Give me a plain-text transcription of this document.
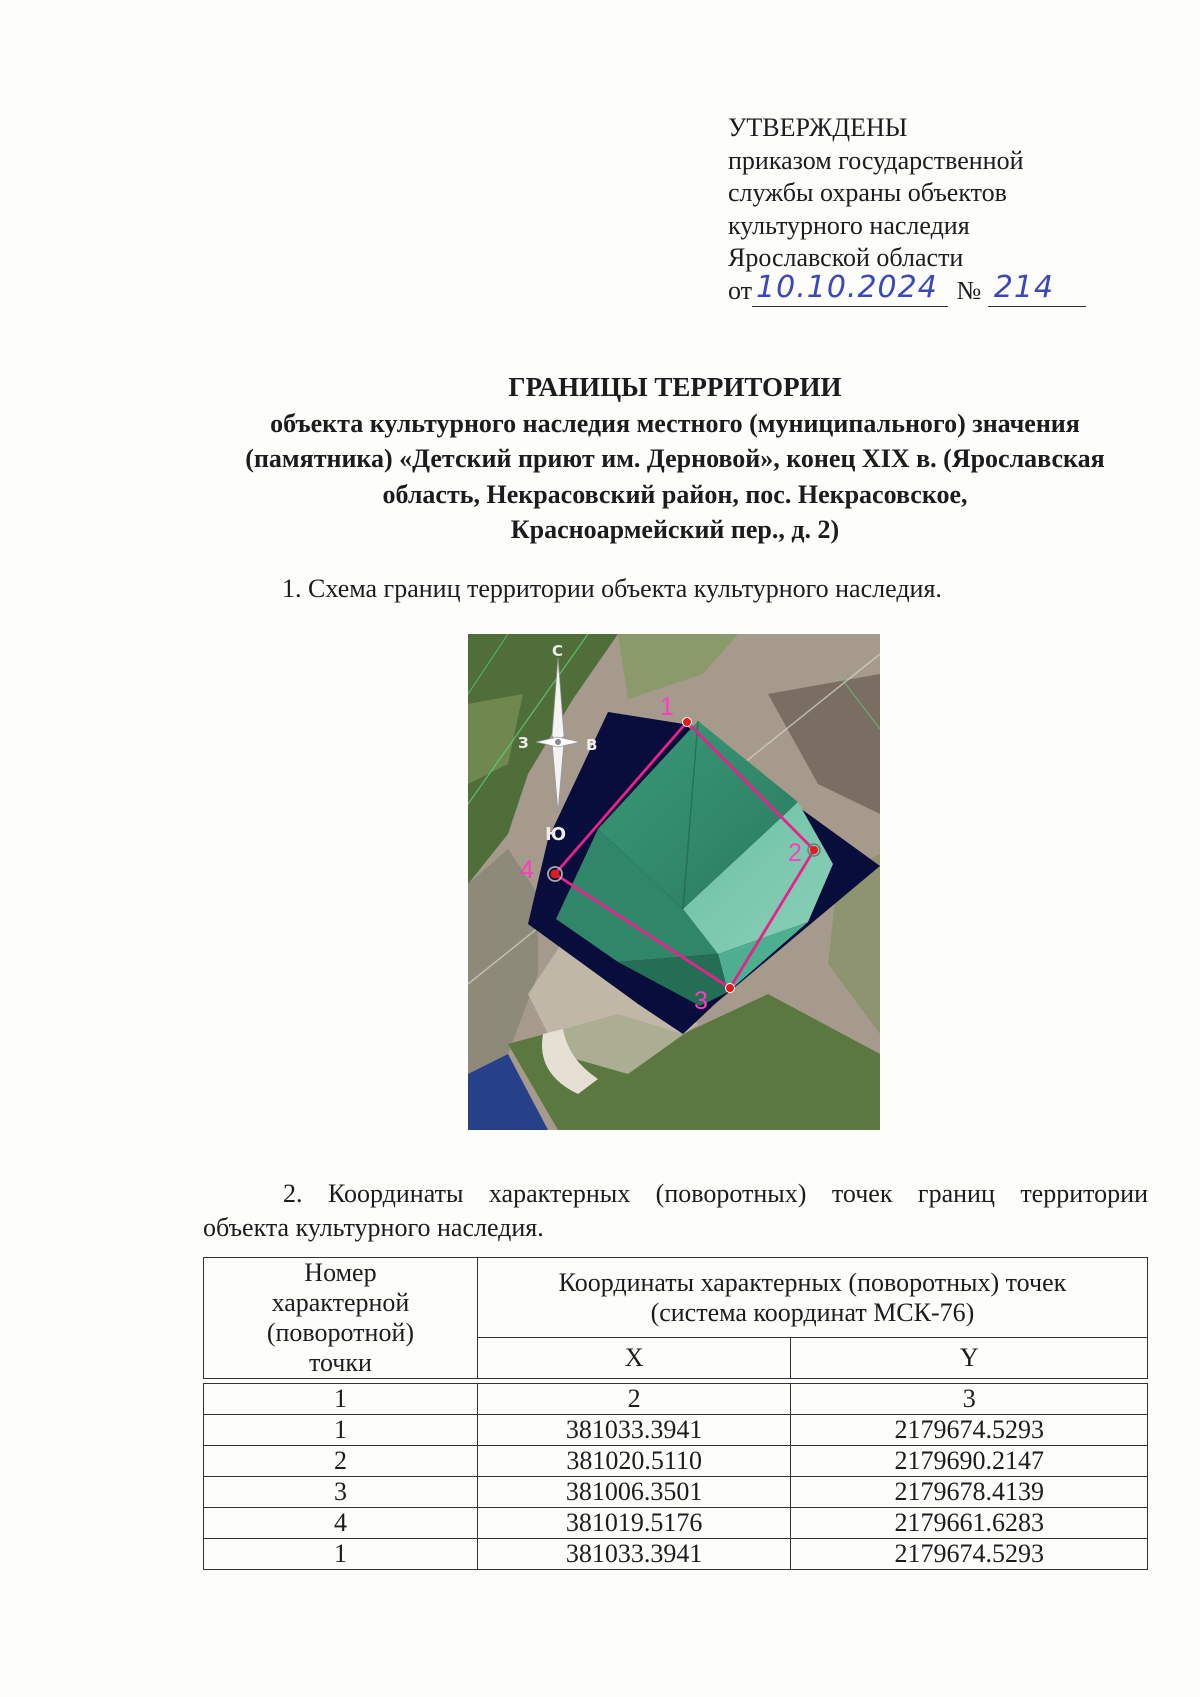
УТВЕРЖДЕНЫ
приказом государственной
службы охраны объектов
культурного наследия
Ярославской области
от 10.10.2024 № 214
ГРАНИЦЫ ТЕРРИТОРИИ
объекта культурного наследия местного (муниципального) значения
(памятника) «Детский приют им. Дерновой», конец XIX в. (Ярославская
область, Некрасовский район, пос. Некрасовское,
Красноармейский пер., д. 2)
1. Схема границ территории объекта культурного наследия.
1
2
3
4
С
З	В
Ю
2. Координаты характерных (поворотных) точек границ территории
объекта культурного наследия.
Номер характерной (поворотной) точки	Координаты характерных (поворотных) точек
(система координат МСК-76)	

	X	Y

1	2	3
1	381033.3941	2179674.5293
2	381020.5110	2179690.2147
3	381006.3501	2179678.4139
4	381019.5176	2179661.6283
1	381033.3941	2179674.5293
